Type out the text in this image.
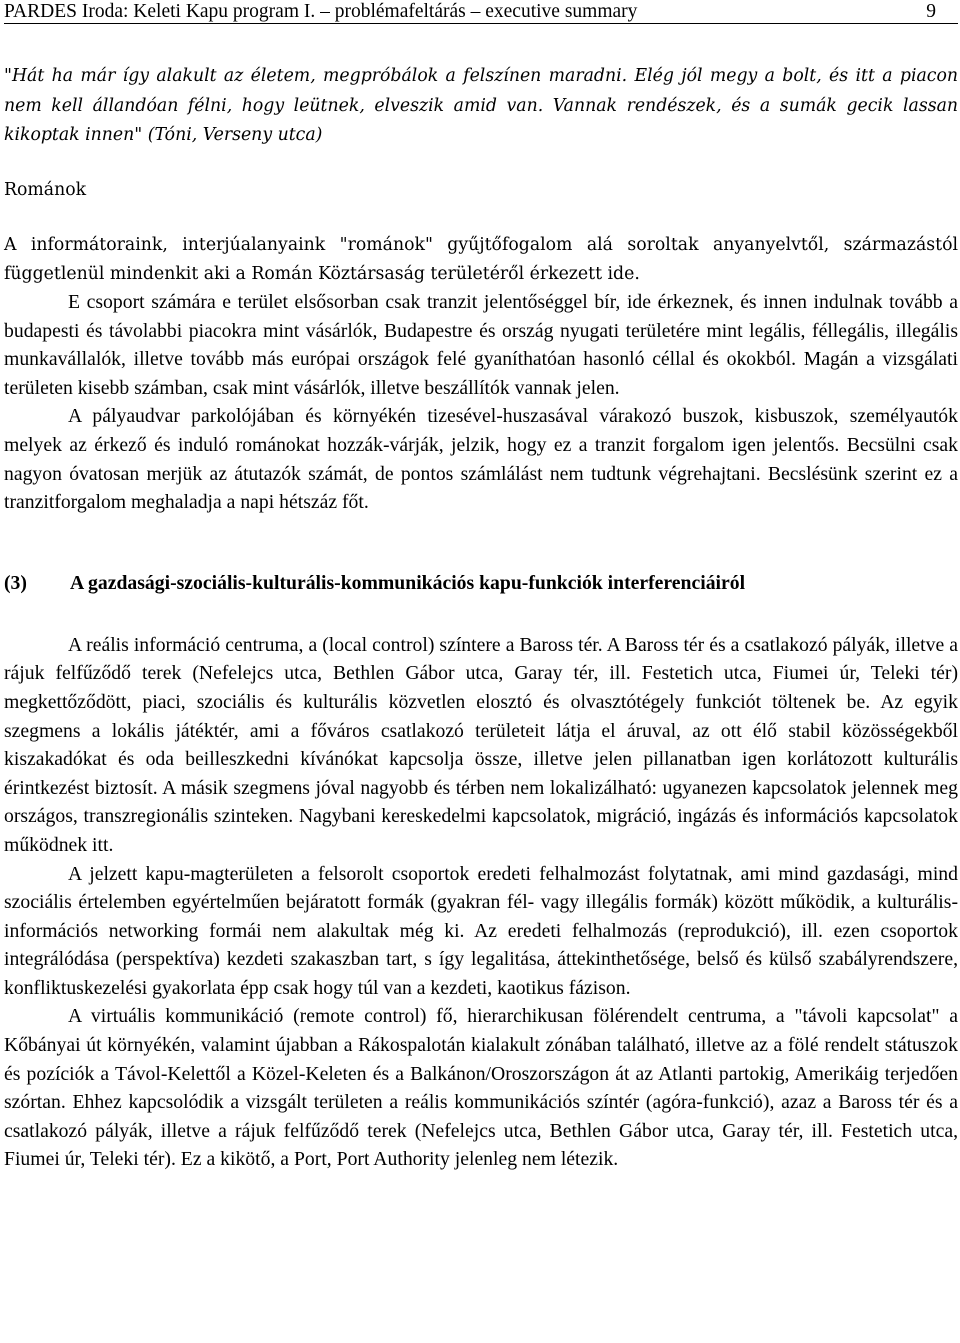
PARDES Iroda: Keleti Kapu program I. – problémafeltárás – executive summary	9
"Hát ha már így alakult az életem, megpróbálok a felszínen maradni. Elég jól megy a bolt, és itt a piacon nem kell állandóan félni, hogy leütnek, elveszik amid van. Vannak rendészek, és a sumák gecik lassan kikoptak innen" (Tóni, Verseny utca)
Románok
A informátoraink, interjúalanyaink "románok" gyűjtőfogalom alá soroltak anyanyelvtől, származástól függetlenül mindenkit aki a Román Köztársaság területéről érkezett ide.

E csoport számára e terület elsősorban csak tranzit jelentőséggel bír, ide érkeznek, és innen indulnak tovább a budapesti és távolabbi piacokra mint vásárlók, Budapestre és ország nyugati területére mint legális, féllegális, illegális munkavállalók, illetve tovább más európai országok felé gyaníthatóan hasonló céllal és okokból. Magán a vizsgálati területen kisebb számban, csak mint vásárlók, illetve beszállítók vannak jelen.

A pályaudvar parkolójában és környékén tizesével-huszasával várakozó buszok, kisbuszok, személyautók melyek az érkező és induló románokat hozzák-várják, jelzik, hogy ez a tranzit forgalom igen jelentős. Becsülni csak nagyon óvatosan merjük az átutazók számát, de pontos számlálást nem tudtunk végrehajtani. Becslésünk szerint ez a tranzitforgalom meghaladja a napi hétszáz főt.

(3)	A gazdasági-szociális-kulturális-kommunikációs kapu-funkciók interferenciáiról

A reális információ centruma, a (local control) színtere a Baross tér. A Baross tér és a csatlakozó pályák, illetve a rájuk felfűződő terek (Nefelejcs utca, Bethlen Gábor utca, Garay tér, ill. Festetich utca, Fiumei úr, Teleki tér) megkettőződött, piaci, szociális és kulturális közvetlen elosztó és olvasztótégely funkciót töltenek be. Az egyik szegmens a lokális játéktér, ami a főváros csatlakozó területeit látja el áruval, az ott élő stabil közösségekből kiszakadókat és oda beilleszkedni kívánókat kapcsolja össze, illetve jelen pillanatban igen korlátozott kulturális érintkezést biztosít. A másik szegmens jóval nagyobb és térben nem lokalizálható: ugyanezen kapcsolatok jelennek meg országos, transzregionális szinteken. Nagybani kereskedelmi kapcsolatok, migráció, ingázás és információs kapcsolatok működnek itt.

A jelzett kapu-magterületen a felsorolt csoportok eredeti felhalmozást folytatnak, ami mind gazdasági, mind szociális értelemben egyértelműen bejáratott formák (gyakran fél- vagy illegális formák) között működik, a kulturális-információs networking formái nem alakultak még ki. Az eredeti felhalmozás (reprodukció), ill. ezen csoportok integrálódása (perspektíva) kezdeti szakaszban tart, s így legalitása, áttekinthetősége, belső és külső szabályrendszere, konfliktuskezelési gyakorlata épp csak hogy túl van a kezdeti, kaotikus fázison.

A virtuális kommunikáció (remote control) fő, hierarchikusan fölérendelt centruma, a "távoli kapcsolat" a Kőbányai út környékén, valamint újabban a Rákospalotán kialakult zónában található, illetve az a fölé rendelt státuszok és pozíciók a Távol-Kelettől a Közel-Keleten és a Balkánon/Oroszországon át az Atlanti partokig, Amerikáig terjedően szórtan. Ehhez kapcsolódik a vizsgált területen a reális kommunikációs színtér (agóra-funkció), azaz a Baross tér és a csatlakozó pályák, illetve a rájuk felfűződő terek (Nefelejcs utca, Bethlen Gábor utca, Garay tér, ill. Festetich utca, Fiumei úr, Teleki tér). Ez a kikötő, a Port, Port Authority jelenleg nem létezik.
